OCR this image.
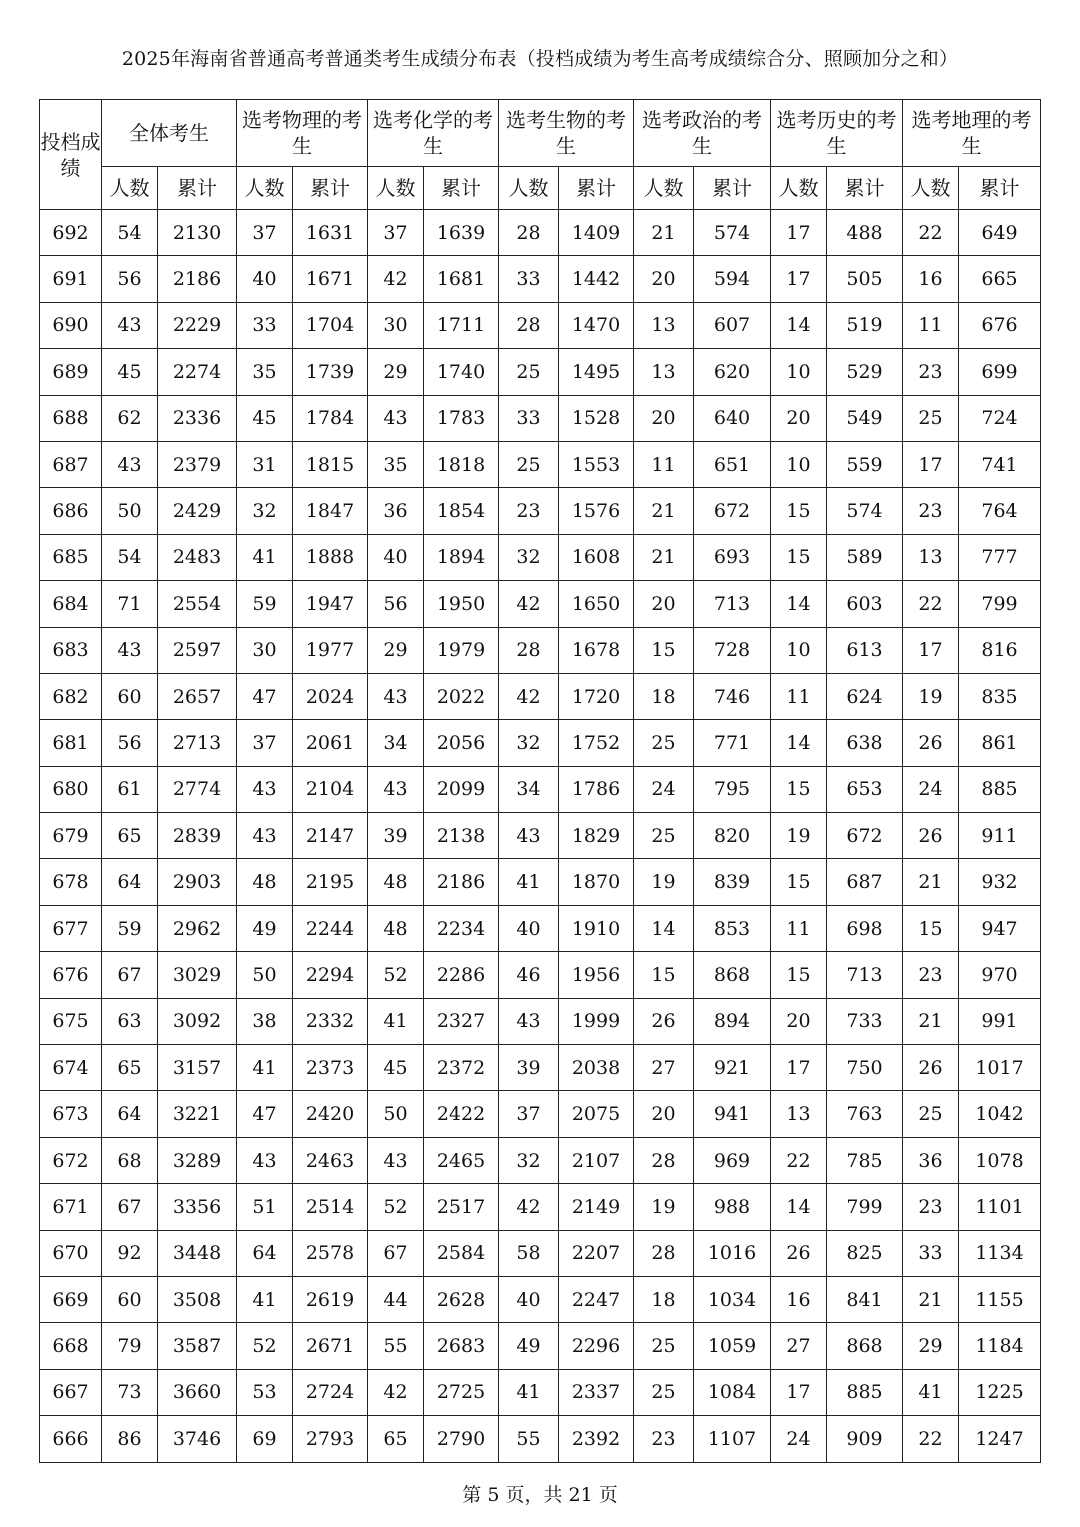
2025年海南省普通高考普通类考生成绩分布表（投档成绩为考生高考成绩综合分、照顾加分之和）
投档成绩	全体考生		选考物理的考生		选考化学的考生		选考生物的考生		选考政治的考生		选考历史的考生		选考地理的考生	
	人数	累计	人数	累计	人数	累计	人数	累计	人数	累计	人数	累计	人数	累计
692	54	2130	37	1631	37	1639	28	1409	21	574	17	488	22	649
691	56	2186	40	1671	42	1681	33	1442	20	594	17	505	16	665
690	43	2229	33	1704	30	1711	28	1470	13	607	14	519	11	676
689	45	2274	35	1739	29	1740	25	1495	13	620	10	529	23	699
688	62	2336	45	1784	43	1783	33	1528	20	640	20	549	25	724
687	43	2379	31	1815	35	1818	25	1553	11	651	10	559	17	741
686	50	2429	32	1847	36	1854	23	1576	21	672	15	574	23	764
685	54	2483	41	1888	40	1894	32	1608	21	693	15	589	13	777
684	71	2554	59	1947	56	1950	42	1650	20	713	14	603	22	799
683	43	2597	30	1977	29	1979	28	1678	15	728	10	613	17	816
682	60	2657	47	2024	43	2022	42	1720	18	746	11	624	19	835
681	56	2713	37	2061	34	2056	32	1752	25	771	14	638	26	861
680	61	2774	43	2104	43	2099	34	1786	24	795	15	653	24	885
679	65	2839	43	2147	39	2138	43	1829	25	820	19	672	26	911
678	64	2903	48	2195	48	2186	41	1870	19	839	15	687	21	932
677	59	2962	49	2244	48	2234	40	1910	14	853	11	698	15	947
676	67	3029	50	2294	52	2286	46	1956	15	868	15	713	23	970
675	63	3092	38	2332	41	2327	43	1999	26	894	20	733	21	991
674	65	3157	41	2373	45	2372	39	2038	27	921	17	750	26	1017
673	64	3221	47	2420	50	2422	37	2075	20	941	13	763	25	1042
672	68	3289	43	2463	43	2465	32	2107	28	969	22	785	36	1078
671	67	3356	51	2514	52	2517	42	2149	19	988	14	799	23	1101
670	92	3448	64	2578	67	2584	58	2207	28	1016	26	825	33	1134
669	60	3508	41	2619	44	2628	40	2247	18	1034	16	841	21	1155
668	79	3587	52	2671	55	2683	49	2296	25	1059	27	868	29	1184
667	73	3660	53	2724	42	2725	41	2337	25	1084	17	885	41	1225
666	86	3746	69	2793	65	2790	55	2392	23	1107	24	909	22	1247
第 5 页，共 21 页
